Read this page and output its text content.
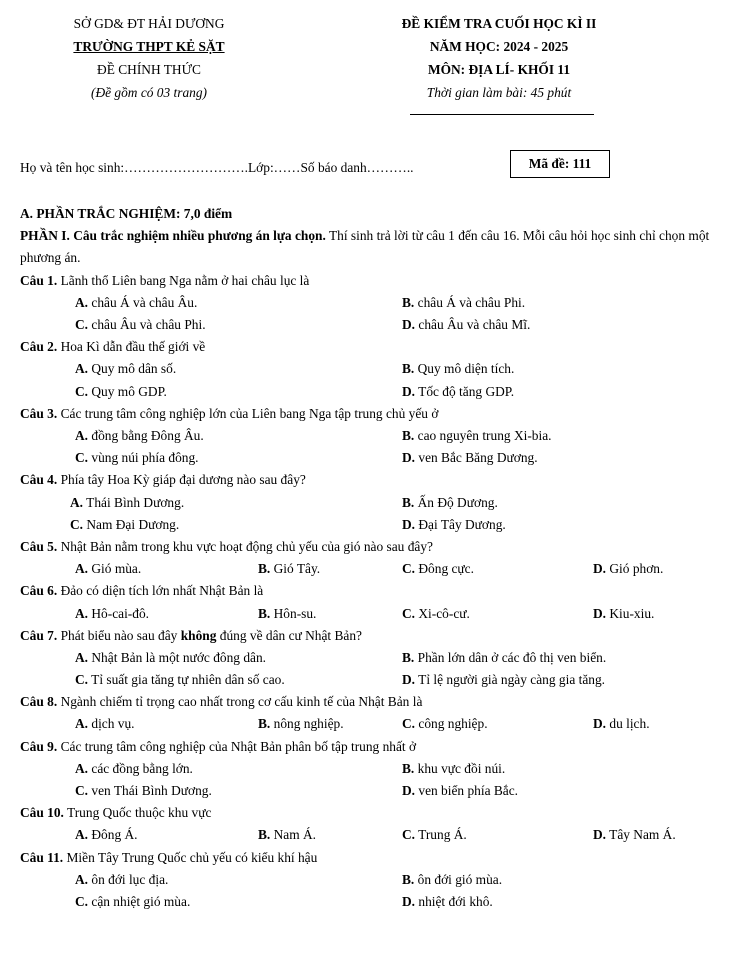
SỞ GD& ĐT HẢI DƯƠNG
TRƯỜNG THPT KẺ SẶT
ĐỀ CHÍNH THỨC
(Đề gồm có 03 trang)
ĐỀ KIỂM TRA CUỐI HỌC KÌ II
NĂM HỌC: 2024 - 2025
MÔN: ĐỊA LÍ- KHỐI 11
Thời gian làm bài: 45 phút
Họ và tên học sinh:……………………….Lớp:……Số báo danh………..	Mã đề: 111

A. PHẦN TRẮC NGHIỆM: 7,0 điểm

PHẦN I. Câu trắc nghiệm nhiều phương án lựa chọn. Thí sinh trả lời từ câu 1 đến câu 16. Mỗi câu hỏi học sinh chỉ chọn một phương án.

Câu 1. Lãnh thổ Liên bang Nga nằm ở hai châu lục là

A. châu Á và châu Âu.	B. châu Á và châu Phi.
C. châu Âu và châu Phi.	D. châu Âu và châu Mĩ.

Câu 2. Hoa Kì dẫn đầu thế giới về

A. Quy mô dân số.	B. Quy mô diện tích.
C. Quy mô GDP.	D. Tốc độ tăng GDP.

Câu 3. Các trung tâm công nghiệp lớn của Liên bang Nga tập trung chủ yếu ở

A. đồng bằng Đông Âu.	B. cao nguyên trung Xi-bia.
C. vùng núi phía đông.	D. ven Bắc Băng Dương.

Câu 4. Phía tây Hoa Kỳ giáp đại dương nào sau đây?

A. Thái Bình Dương.	B. Ấn Độ Dương.
C. Nam Đại Dương.	D. Đại Tây Dương.

Câu 5. Nhật Bản nằm trong khu vực hoạt động chủ yếu của gió nào sau đây?

A. Gió mùa.	B. Gió Tây.	C. Đông cực.	D. Gió phơn.

Câu 6. Đảo có diện tích lớn nhất Nhật Bản là

A. Hô-cai-đô.	B. Hôn-su.	C. Xi-cô-cư.	D. Kiu-xiu.

Câu 7. Phát biểu nào sau đây không đúng về dân cư Nhật Bản?

A. Nhật Bản là một nước đông dân.	B. Phần lớn dân ở các đô thị ven biển.
C. Tỉ suất gia tăng tự nhiên dân số cao.	D. Tỉ lệ người già ngày càng gia tăng.

Câu 8. Ngành chiếm tỉ trọng cao nhất trong cơ cấu kinh tế của Nhật Bản là

A. dịch vụ.	B. nông nghiệp.	C. công nghiệp.	D. du lịch.

Câu 9. Các trung tâm công nghiệp của Nhật Bản phân bố tập trung nhất ở

A. các đồng bằng lớn.	B. khu vực đồi núi.
C. ven Thái Bình Dương.	D. ven biển phía Bắc.

Câu 10. Trung Quốc thuộc khu vực

A. Đông Á.	B. Nam Á.	C. Trung Á.	D. Tây Nam Á.

Câu 11. Miền Tây Trung Quốc chủ yếu có kiểu khí hậu

A. ôn đới lục địa.	B. ôn đới gió mùa.
C. cận nhiệt gió mùa.	D. nhiệt đới khô.
